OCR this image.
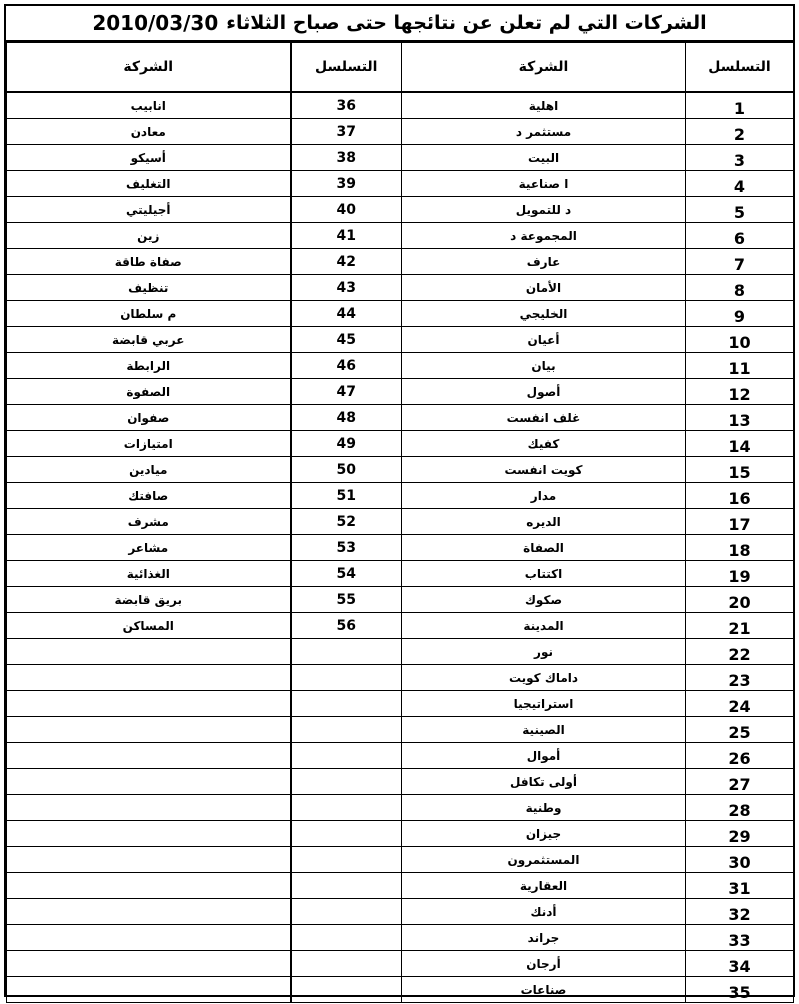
الشركات التي لم تعلن عن نتائجها حتى صباح الثلاثاء
2010/03/30
الشركة	التسلسل	الشركة	التسلسل
انابيب	36	اهلية	1
معادن	37	مستثمر د	2
أسيكو	38	البيت	3
التغليف	39	ا صناعية	4
أجيليتي	40	د للتمويل	5
زين	41	المجموعة د	6
صفاة طاقة	42	عارف	7
تنظيف	43	الأمان	8
م سلطان	44	الخليجي	9
عربي قابضة	45	أعيان	10
الرابطة	46	بيان	11
الصفوة	47	أصول	12
صفوان	48	غلف انفست	13
امتيازات	49	كفيك	14
ميادين	50	كويت انفست	15
صافتك	51	مدار	16
مشرف	52	الديره	17
مشاعر	53	الصفاة	18
الغذائية	54	اكتتاب	19
بريق قابضة	55	صكوك	20
المساكن	56	المدينة	21
		نور	22
		داماك كويت	23
		استراتيجيا	24
		الصينية	25
		أموال	26
		أولى تكافل	27
		وطنية	28
		جيزان	29
		المستثمرون	30
		العقارية	31
		أدنك	32
		جراند	33
		أرجان	34
		صناعات	35
